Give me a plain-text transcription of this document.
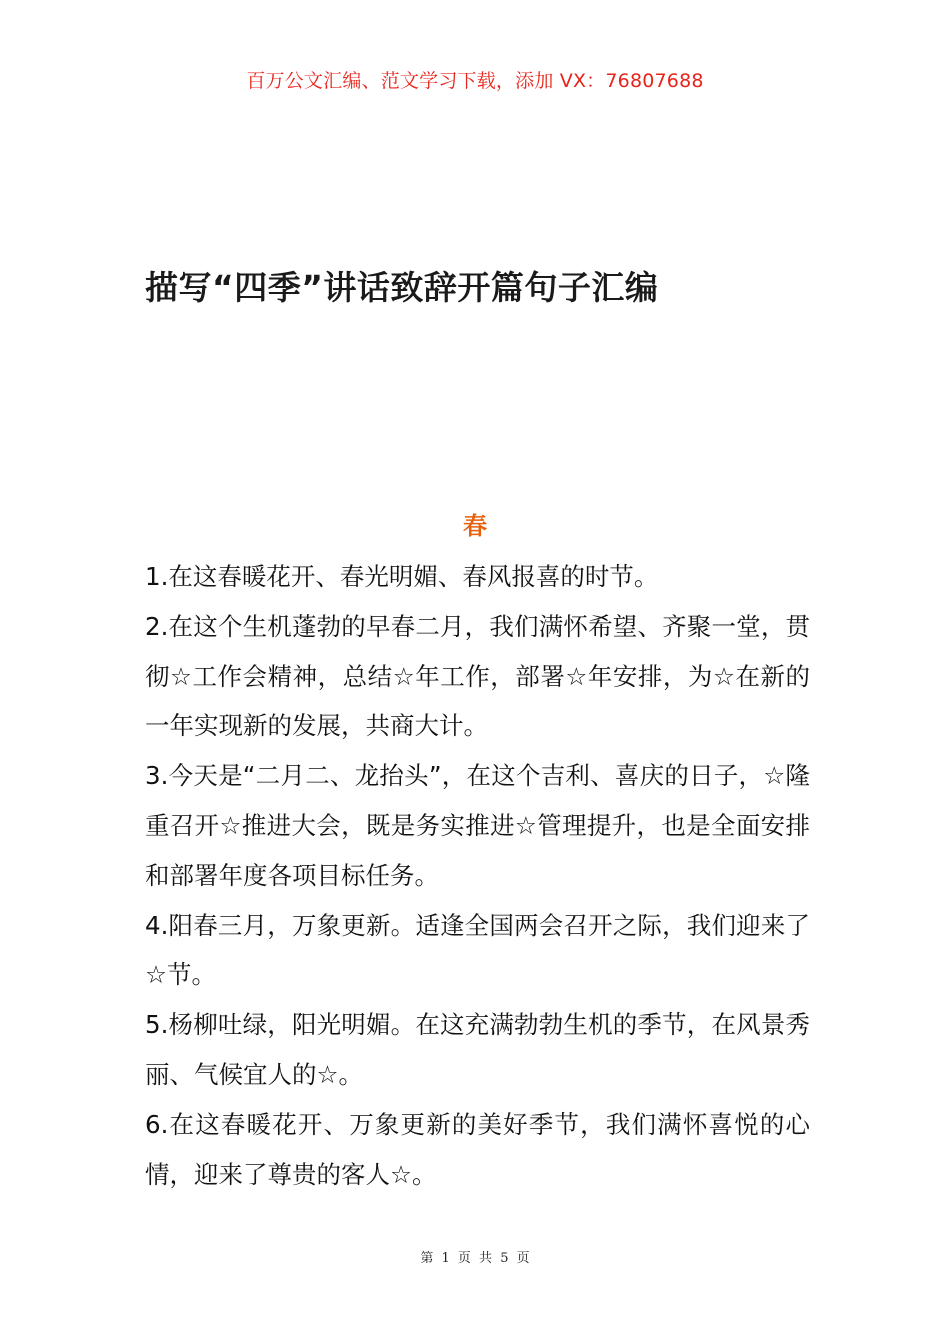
百万公文汇编、范文学习下载，添加 VX：76807688
描写“四季”讲话致辞开篇句子汇编
春

1.在这春暖花开、春光明媚、春风报喜的时节。

2.在这个生机蓬勃的早春二月，我们满怀希望、齐聚一堂，贯彻☆工作会精神，总结☆年工作，部署☆年安排，为☆在新的一年实现新的发展，共商大计。

3.今天是“二月二、龙抬头”，在这个吉利、喜庆的日子，☆隆重召开☆推进大会，既是务实推进☆管理提升，也是全面安排和部署年度各项目标任务。

4.阳春三月，万象更新。适逢全国两会召开之际，我们迎来了☆节。

5.杨柳吐绿，阳光明媚。在这充满勃勃生机的季节，在风景秀丽、气候宜人的☆。

6.在这春暖花开、万象更新的美好季节，我们满怀喜悦的心情，迎来了尊贵的客人☆。

第 1 页 共 5 页
